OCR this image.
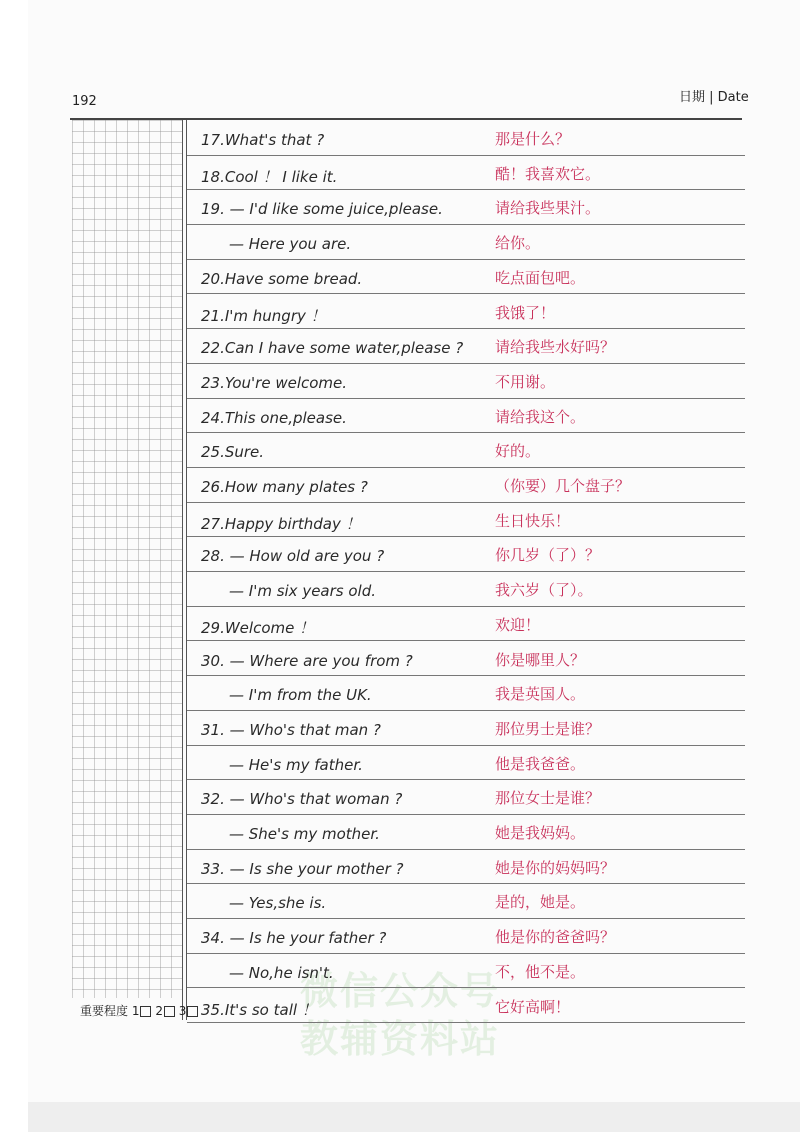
192	日期 | Date
微信公众号
教辅资料站
17.What's that ?	那是什么？
18.Cool ！ I like it.	酷！我喜欢它。
19. — I'd like some juice,please.	请给我些果汁。
— Here you are.	给你。
20.Have some bread.	吃点面包吧。
21.I'm hungry ！	我饿了！
22.Can I have some water,please ? 请给我些水好吗？
23.You're welcome.	不用谢。
24.This one,please.	请给我这个。
25.Sure.	好的。
26.How many plates ?	（你要）几个盘子？
27.Happy birthday ！	生日快乐！
28. — How old are you ?	你几岁（了）？
— I'm six years old.	我六岁（了）。
29.Welcome ！	欢迎！
30. — Where are you from ?	你是哪里人？
— I'm from the UK.	我是英国人。
31. — Who's that man ?	那位男士是谁？
— He's my father.	他是我爸爸。
32. — Who's that woman ?	那位女士是谁？
— She's my mother.	她是我妈妈。
33. — Is she your mother ?	她是你的妈妈吗？
— Yes,she is.	是的，她是。
34. — Is he your father ?	他是你的爸爸吗？
— No,he isn't.	不，他不是。
35.It's so tall ！	它好高啊！
重要程度 1 2 3
